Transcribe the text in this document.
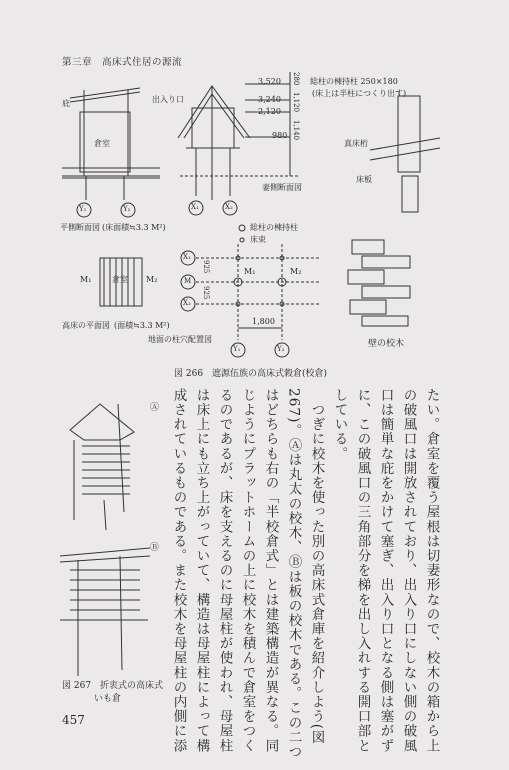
第三章　高床式住居の源流
庇	出入り口
倉室
3,520
3,240
2,120
980
280
1,120
1,140
総柱の棟持柱 250×180
(床上は半柱につくり出す)
真床桁
床板
妻側断面図
平側断面図 (床面積≒3.3 M²)	総柱の棟持柱
床束
M₁	M₂
倉室
M₁	M₂
925
925
高床の平面図 (面積≒3.3 M²)	1,800
地面の柱穴配置図	壁の校木
Y₁	Y₂	X₁	X₂
X₁
M
X₂
Y₁	Y₂
図 266　遮源伍族の高床式穀倉(校倉)
Ⓐ
Ⓑ
図 267　折衷式の高床式
いも倉	たい。倉室を覆う屋根は切妻形なので、校木の箱から上
の破風口は開放されており、出入り口にしない側の破風
口は簡単な庇をかけて塞ぎ、出入り口となる側は塞がず
に、この破風口の三角部分を梯を出し入れする開口部と
している。
　つぎに校木を使った別の高床式倉庫を紹介しよう(図
267)。Ⓐは丸太の校木、Ⓑは板の校木である。この二つ
はどちらも右の「半校倉式」とは建築構造が異なる。同
じようにプラットホームの上に校木を積んで倉室をつく
るのであるが、床を支えるのに母屋柱が使われ、母屋柱
は床上にも立ち上がっていて、構造は母屋柱によって構
成されているものである。また校木を母屋柱の内側に添
457
